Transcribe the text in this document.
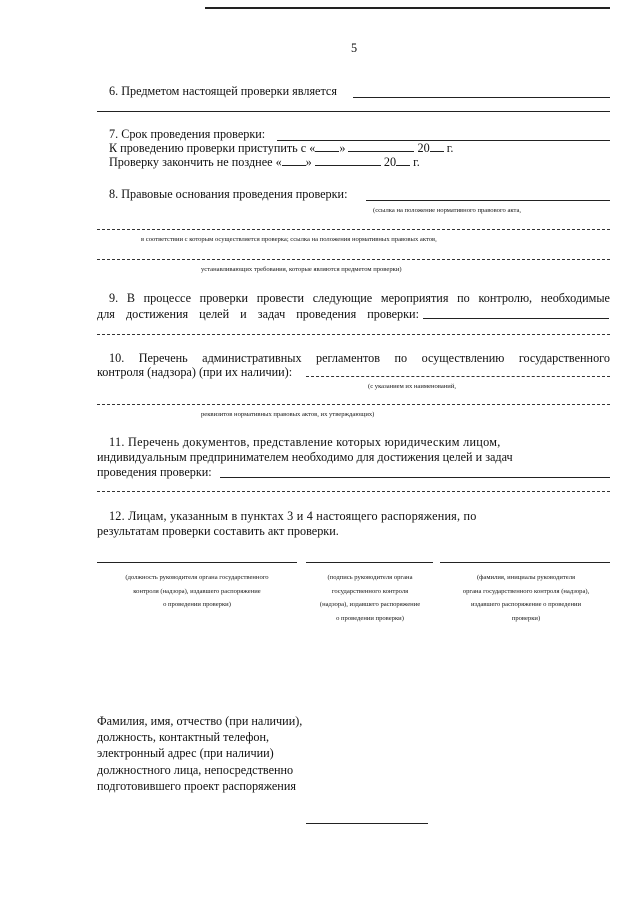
5
6. Предметом настоящей проверки является
7. Срок проведения проверки:
К проведению проверки приступить с « »	20 г.
Проверку закончить не позднее « »	20 г.
8. Правовые основания проведения проверки:
(ссылка на положение нормативного правового акта,
в соответствии с которым осуществляется проверка; ссылка на положения нормативных правовых актов,
устанавливающих требования, которые являются предметом проверки)
9. В процессе проверки провести следующие мероприятия по контролю, необходимые
для достижения целей и задач проведения проверки:
10. Перечень административных регламентов по осуществлению государственного
контроля (надзора) (при их наличии):
(с указанием их наименований,
реквизитов нормативных правовых актов, их утверждающих)
11. Перечень документов, представление которых юридическим лицом,
индивидуальным предпринимателем необходимо для достижения целей и задач
проведения проверки:
12. Лицам, указанным в пунктах 3 и 4 настоящего распоряжения, по
результатам проверки составить акт проверки.
(должность руководителя органа государственного
контроля (надзора), издавшего распоряжение
о проведении проверки)
(подпись руководителя органа
государственного контроля
(надзора), издавшего распоряжение
о проведении проверки)
(фамилия, инициалы руководителя
органа государственного контроля (надзора),
издавшего распоряжение о проведении
проверки)
Фамилия, имя, отчество (при наличии),
должность, контактный телефон,
электронный адрес (при наличии)
должностного лица, непосредственно
подготовившего проект распоряжения
